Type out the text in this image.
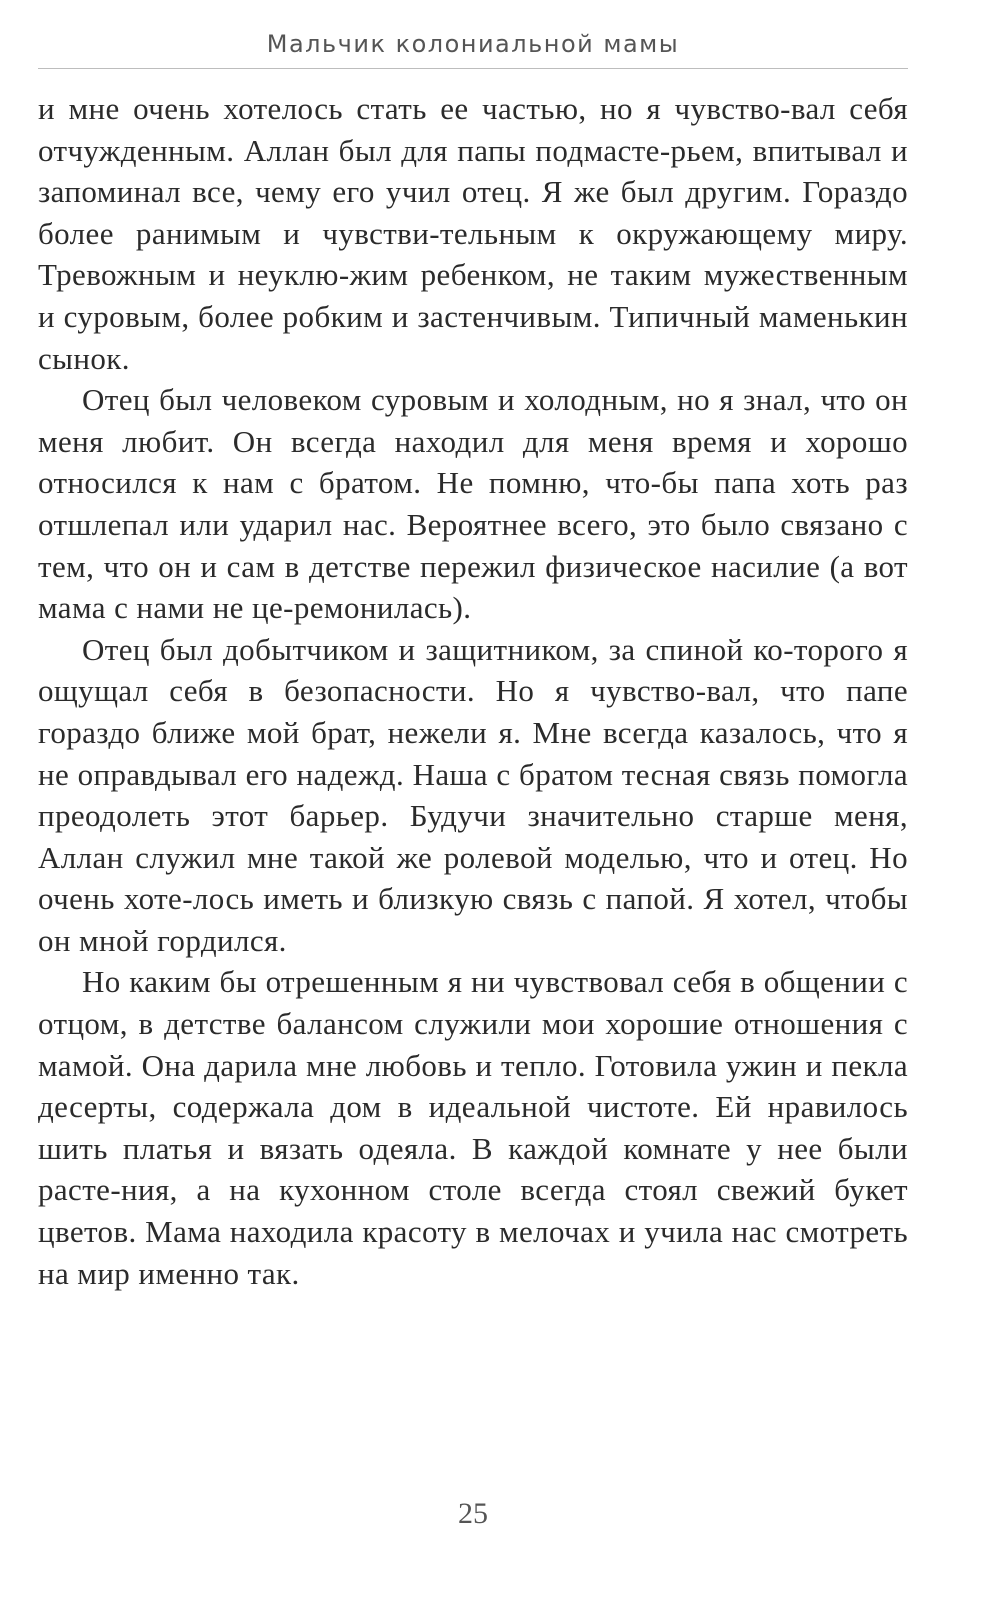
Мальчик колониальной мамы

и мне очень хотелось стать ее частью, но я чувство-вал себя отчужденным. Аллан был для папы подмасте-рьем, впитывал и запоминал все, чему его учил отец. Я же был другим. Гораздо более ранимым и чувстви-тельным к окружающему миру. Тревожным и неуклю-жим ребенком, не таким мужественным и суровым, более робким и застенчивым. Типичный маменькин сынок.

Отец был человеком суровым и холодным, но я знал, что он меня любит. Он всегда находил для меня время и хорошо относился к нам с братом. Не помню, что-бы папа хоть раз отшлепал или ударил нас. Вероятнее всего, это было связано с тем, что он и сам в детстве пережил физическое насилие (а вот мама с нами не це-ремонилась).

Отец был добытчиком и защитником, за спиной ко-торого я ощущал себя в безопасности. Но я чувство-вал, что папе гораздо ближе мой брат, нежели я. Мне всегда казалось, что я не оправдывал его надежд. Наша с братом тесная связь помогла преодолеть этот барьер. Будучи значительно старше меня, Аллан служил мне такой же ролевой моделью, что и отец. Но очень хоте-лось иметь и близкую связь с папой. Я хотел, чтобы он мной гордился.

Но каким бы отрешенным я ни чувствовал себя в общении с отцом, в детстве балансом служили мои хорошие отношения с мамой. Она дарила мне любовь и тепло. Готовила ужин и пекла десерты, содержала дом в идеальной чистоте. Ей нравилось шить платья и вязать одеяла. В каждой комнате у нее были расте-ния, а на кухонном столе всегда стоял свежий букет цветов. Мама находила красоту в мелочах и учила нас смотреть на мир именно так.

25
